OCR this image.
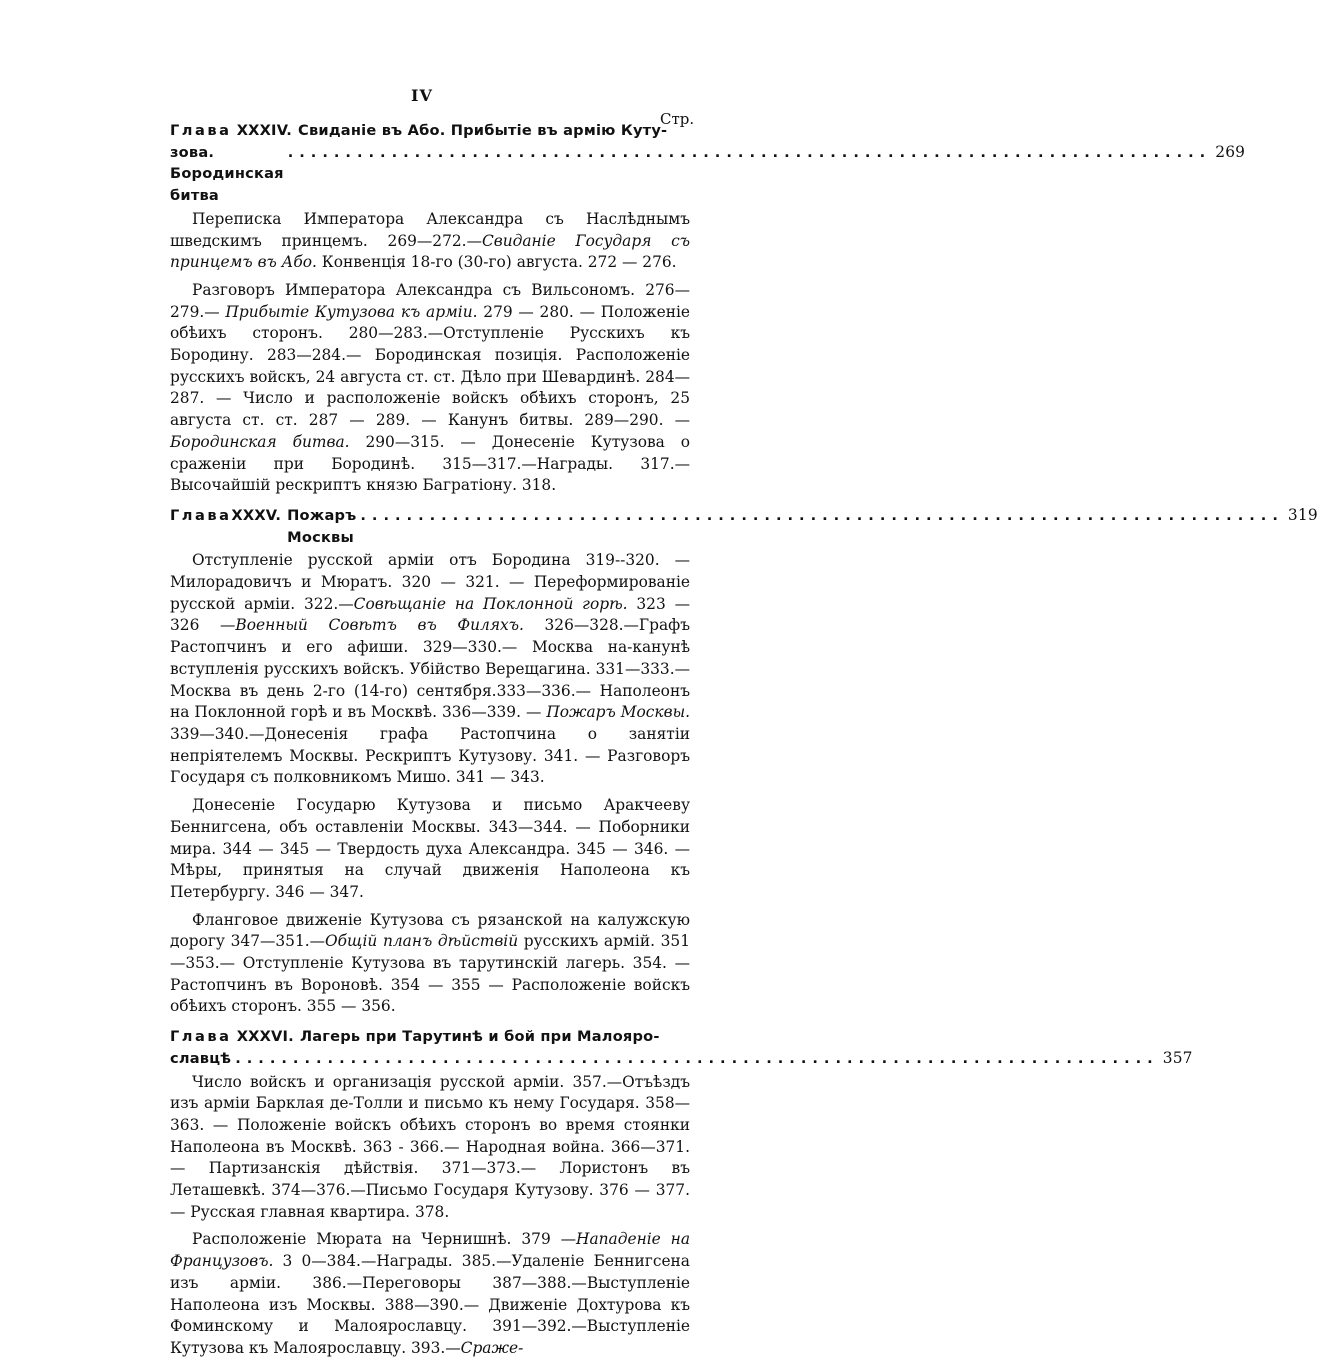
IV
Стр.
Глава XXXIV. Свиданіе въ Або. Прибытіе въ армію Куту-
зова. Бородинская битва
................................................................................ 269
Переписка Императора Александра съ Наслѣднымъ шведскимъ принцемъ. 269—272.—Свиданіе Государя съ принцемъ въ Або. Конвенція 18-го (30-го) августа. 272 — 276.
Разговоръ Императора Александра съ Вильсономъ. 276—279.— Прибытіе Кутузова къ арміи. 279 — 280. — Положеніе обѣихъ сторонъ. 280—283.—Отступленіе Русскихъ къ Бородину. 283—284.— Бородинская позиція. Расположеніе русскихъ войскъ, 24 августа ст. ст. Дѣло при Шевардинѣ. 284—287. — Число и расположеніе войскъ обѣихъ сторонъ, 25 августа ст. ст. 287 — 289. — Канунъ битвы. 289—290. — Бородинская битва. 290—315. — Донесеніе Кутузова о сраженіи при Бородинѣ. 315—317.—Награды. 317.—Высочайшій рескриптъ князю Багратіону. 318.
Глава XXXV. Пожаръ Москвы
................................................................................ 319
Отступленіе русской арміи отъ Бородина 319--320. — Милорадовичъ и Мюратъ. 320 — 321. — Переформированіе русской арміи. 322.—Совѣщаніе на Поклонной горѣ. 323 — 326 —Военный Совѣтъ въ Филяхъ. 326—328.—Графъ Растопчинъ и его афиши. 329—330.— Москва на-канунѣ вступленія русскихъ войскъ. Убійство Верещагина. 331—333.—Москва въ день 2-го (14-го) сентября.333—336.— Наполеонъ на Поклонной горѣ и въ Москвѣ. 336—339. — Пожаръ Москвы. 339—340.—Донесенія графа Растопчина о занятіи непріятелемъ Москвы. Рескриптъ Кутузову. 341. — Разговоръ Государя съ полковникомъ Мишо. 341 — 343.
Донесеніе Государю Кутузова и письмо Аракчееву Беннигсена, объ оставленіи Москвы. 343—344. — Поборники мира. 344 — 345 — Твердость духа Александра. 345 — 346. — Мѣры, принятыя на случай движенія Наполеона къ Петербургу. 346 — 347.
Фланговое движеніе Кутузова съ рязанской на калужскую дорогу 347—351.—Общій планъ дѣйствій русскихъ армій. 351—353.— Отступленіе Кутузова въ тарутинскій лагерь. 354. — Растопчинъ въ Вороновѣ. 354 — 355 — Расположеніе войскъ обѣихъ сторонъ. 355 — 356.
Глава XXXVI. Лагерь при Тарутинѣ и бой при Малояро-
славцѣ ................................................................................ 357
Число войскъ и организація русской арміи. 357.—Отъѣздъ изъ арміи Барклая де-Толли и письмо къ нему Государя. 358—363. — Положеніе войскъ обѣихъ сторонъ во время стоянки Наполеона въ Москвѣ. 363 - 366.— Народная война. 366—371.— Партизанскія дѣйствія. 371—373.— Лористонъ въ Леташевкѣ. 374—376.—Письмо Государя Кутузову. 376 — 377. — Русская главная квартира. 378.
Расположеніе Мюрата на Чернишнѣ. 379 —Нападеніе на Французовъ. 3 0—384.—Награды. 385.—Удаленіе Беннигсена изъ арміи. 386.—Переговоры 387—388.—Выступленіе Наполеона изъ Москвы. 388—390.— Движеніе Дохтурова къ Фоминскому и Малоярославцу. 391—392.—Выступленіе Кутузова къ Малоярославцу. 393.—Сраже-
